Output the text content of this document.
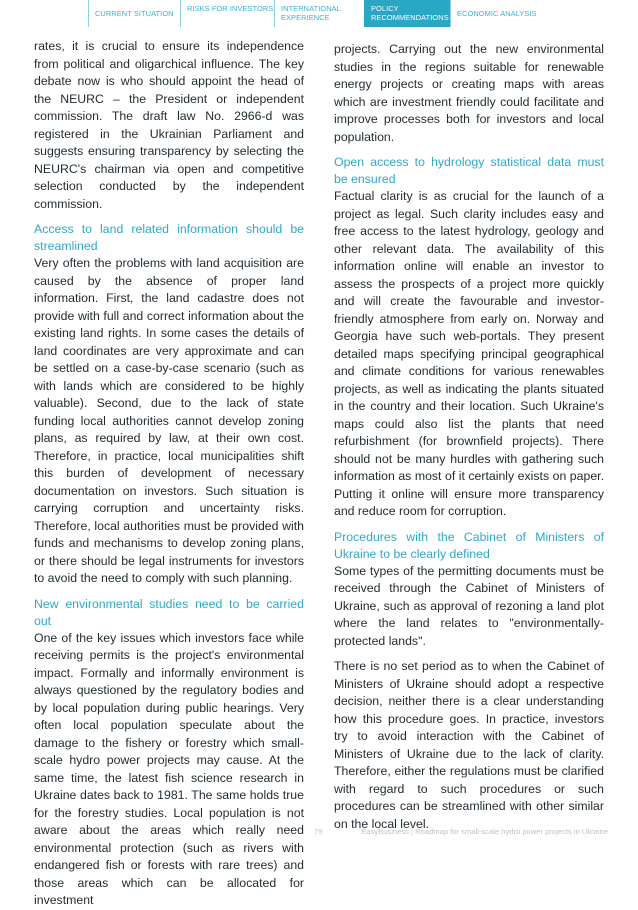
CURRENT SITUATION
RISKS FOR INVESTORS	INTERNATIONAL EXPERIENCE
POLICY RECOMMENDATIONS	ECONOMIC ANALYSIS

rates, it is crucial to ensure its independence from political and oligarchical influence. The key debate now is who should appoint the head of the NEURC – the President or independent commission. The draft law No. 2966-d was registered in the Ukrainian Parliament and suggests ensuring transparency by selecting the NEURC's chairman via open and competitive selection conducted by the independent commission.

Access to land related information should be streamlined

Very often the problems with land acquisition are caused by the absence of proper land information. First, the land cadastre does not provide with full and correct information about the existing land rights. In some cases the details of land coordinates are very approximate and can be settled on a case-by-case scenario (such as with lands which are considered to be highly valuable). Second, due to the lack of state funding local authorities cannot develop zoning plans, as required by law, at their own cost. Therefore, in practice, local municipalities shift this burden of development of necessary documentation on investors. Such situation is carrying corruption and uncertainty risks. Therefore, local authorities must be provided with funds and mechanisms to develop zoning plans, or there should be legal instruments for investors to avoid the need to comply with such planning.

New environmental studies need to be carried out

One of the key issues which investors face while receiving permits is the project's environmental impact. Formally and informally environment is always questioned by the regulatory bodies and by local population during public hearings. Very often local population speculate about the damage to the fishery or forestry which small-scale hydro power projects may cause. At the same time, the latest fish science research in Ukraine dates back to 1981. The same holds true for the forestry studies. Local population is not aware about the areas which really need environmental protection (such as rivers with endangered fish or forests with rare trees) and those areas which can be allocated for investment

projects. Carrying out the new environmental studies in the regions suitable for renewable energy projects or creating maps with areas which are investment friendly could facilitate and improve processes both for investors and local population.

Open access to hydrology statistical data must be ensured

Factual clarity is as crucial for the launch of a project as legal. Such clarity includes easy and free access to the latest hydrology, geology and other relevant data. The availability of this information online will enable an investor to assess the prospects of a project more quickly and will create the favourable and investor-friendly atmosphere from early on. Norway and Georgia have such web-portals. They present detailed maps specifying principal geographical and climate conditions for various renewables projects, as well as indicating the plants situated in the country and their location. Such Ukraine's maps could also list the plants that need refurbishment (for brownfield projects). There should not be many hurdles with gathering such information as most of it certainly exists on paper. Putting it online will ensure more transparency and reduce room for corruption.

Procedures with the Cabinet of Ministers of Ukraine to be clearly defined

Some types of the permitting documents must be received through the Cabinet of Ministers of Ukraine, such as approval of rezoning a land plot where the land relates to "environmentally-protected lands".

There is no set period as to when the Cabinet of Ministers of Ukraine should adopt a respective decision, neither there is a clear understanding how this procedure goes. In practice, investors try to avoid interaction with the Cabinet of Ministers of Ukraine due to the lack of clarity. Therefore, either the regulations must be clarified with regard to such procedures or such procedures can be streamlined with other similar on the local level.

79	EasyBusiness | Roadmap for small-scale hydro power projects in Ukraine
